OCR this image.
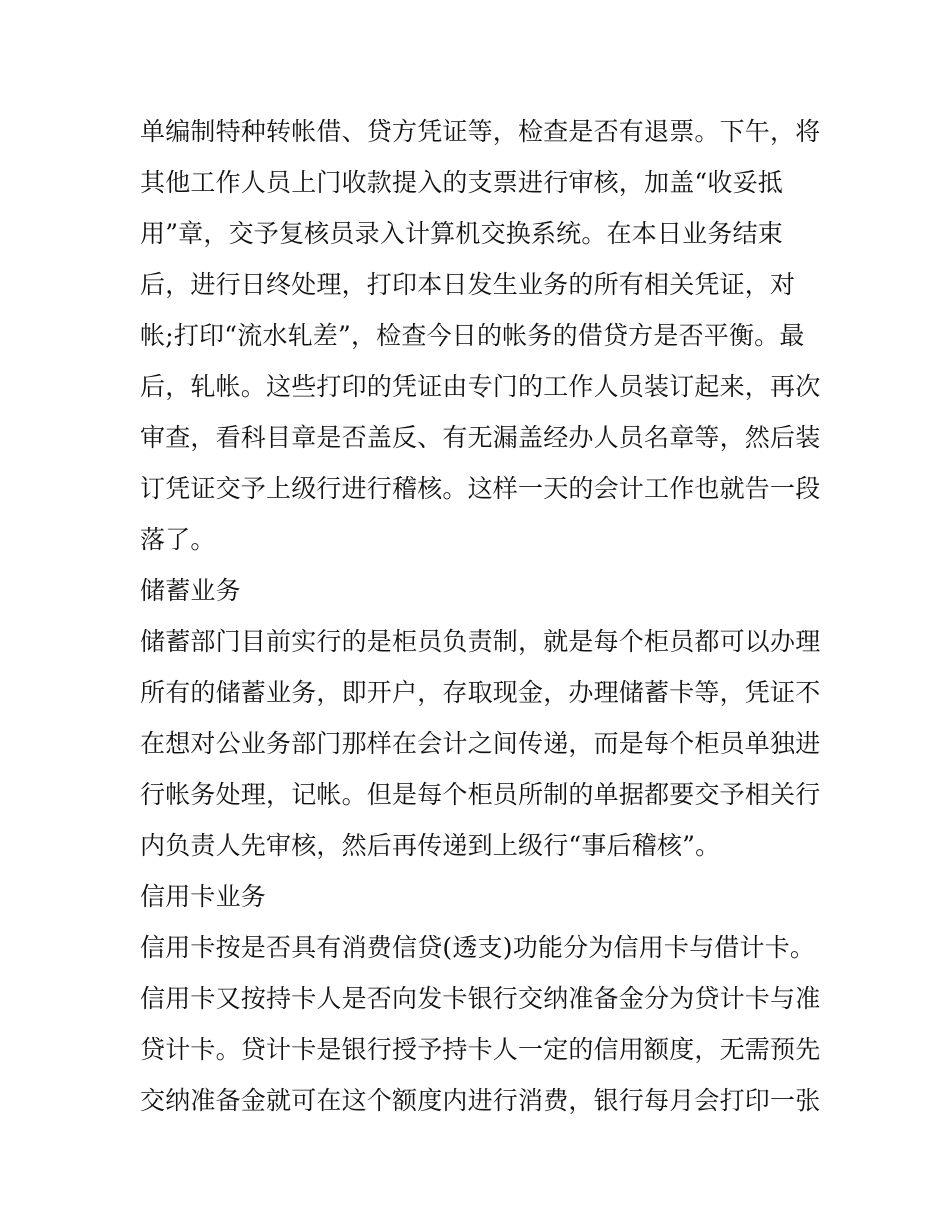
单编制特种转帐借、贷方凭证等，检查是否有退票。下午，将
其他工作人员上门收款提入的支票进行审核，加盖“收妥抵
用”章，交予复核员录入计算机交换系统。在本日业务结束
后，进行日终处理，打印本日发生业务的所有相关凭证，对
帐;打印“流水轧差”，检查今日的帐务的借贷方是否平衡。最
后，轧帐。这些打印的凭证由专门的工作人员装订起来，再次
审查，看科目章是否盖反、有无漏盖经办人员名章等，然后装
订凭证交予上级行进行稽核。这样一天的会计工作也就告一段
落了。
储蓄业务
储蓄部门目前实行的是柜员负责制，就是每个柜员都可以办理
所有的储蓄业务，即开户，存取现金，办理储蓄卡等，凭证不
在想对公业务部门那样在会计之间传递，而是每个柜员单独进
行帐务处理，记帐。但是每个柜员所制的单据都要交予相关行
内负责人先审核，然后再传递到上级行“事后稽核”。
信用卡业务
信用卡按是否具有消费信贷(透支)功能分为信用卡与借计卡。
信用卡又按持卡人是否向发卡银行交纳准备金分为贷计卡与准
贷计卡。贷计卡是银行授予持卡人一定的信用额度，无需预先
交纳准备金就可在这个额度内进行消费，银行每月会打印一张
